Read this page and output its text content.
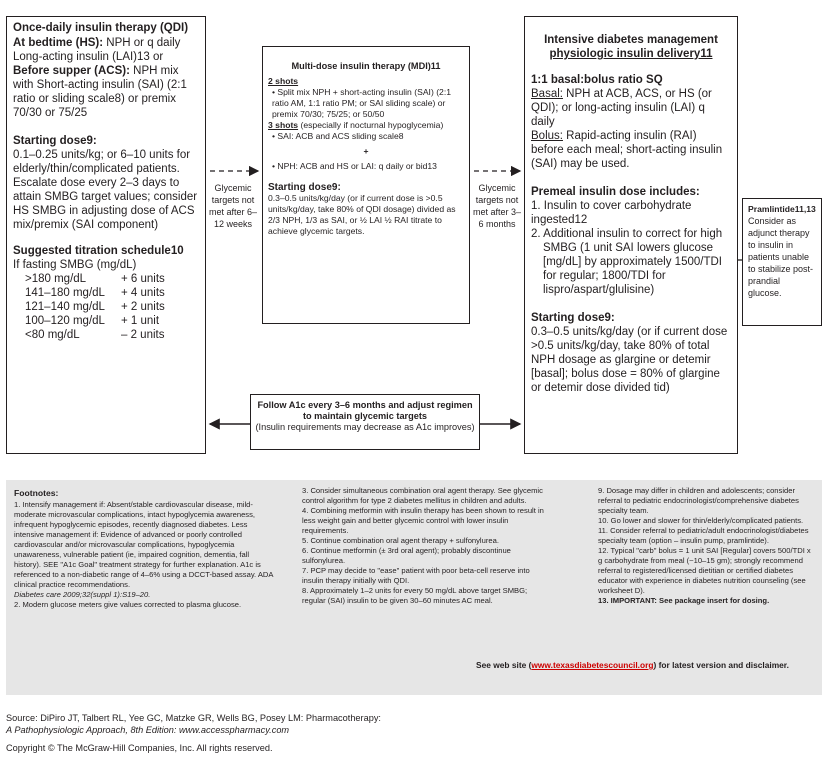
Once-daily insulin therapy (QDI)
At bedtime (HS): NPH or q daily Long-acting insulin (LAI)13 or
Before supper (ACS): NPH mix with Short-acting insulin (SAI) (2:1 ratio or sliding scale8) or premix 70/30 or 75/25
Starting dose9:
0.1–0.25 units/kg; or 6–10 units for elderly/thin/complicated patients.
Escalate dose every 2–3 days to attain SMBG target values; consider HS SMBG in adjusting dose of ACS mix/premix (SAI component)
Suggested titration schedule10
If fasting SMBG (mg/dL)
>180 mg/dL	+ 6 units
141–180 mg/dL	+ 4 units
121–140 mg/dL	+ 2 units
100–120 mg/dL	+ 1 unit
<80 mg/dL	– 2 units
Glycemic targets not met after 6–12 weeks
Multi-dose insulin therapy (MDI)11
2 shots
• Split mix NPH + short-acting insulin (SAI) (2:1 ratio AM, 1:1 ratio PM; or SAI sliding scale) or premix 70/30; 75/25; or 50/50
3 shots (especially if nocturnal hypoglycemia)
• SAI: ACB and ACS sliding scale8
+
• NPH: ACB and HS or LAI: q daily or bid13
Starting dose9:
0.3–0.5 units/kg/day (or if current dose is >0.5 units/kg/day, take 80% of QDI dosage) divided as 2/3 NPH, 1/3 as SAI, or ½ LAI ½ RAI titrate to achieve glycemic targets.
Glycemic targets not met after 3–6 months
Intensive diabetes management
physiologic insulin delivery11
1:1 basal:bolus ratio SQ
Basal: NPH at ACB, ACS, or HS (or QDI); or long-acting insulin (LAI) q daily
Bolus: Rapid-acting insulin (RAI) before each meal; short-acting insulin (SAI) may be used.
Premeal insulin dose includes:
1. Insulin to cover carbohydrate ingested12
2. Additional insulin to correct for high SMBG (1 unit SAI lowers glucose [mg/dL] by approximately 1500/TDI for regular; 1800/TDI for lispro/aspart/glulisine)
Starting dose9:
0.3–0.5 units/kg/day (or if current dose >0.5 units/kg/day, take 80% of total NPH dosage as glargine or detemir [basal]; bolus dose = 80% of glargine or detemir dose divided tid)
Pramlintide11,13
Consider as adjunct therapy to insulin in patients unable to stabilize post-prandial glucose.
Follow A1c every 3–6 months and adjust regimen to maintain glycemic targets
(Insulin requirements may decrease as A1c improves)
Footnotes:
1. Intensify management if: Absent/stable cardiovascular disease, mild-moderate microvascular complications, intact hypoglycemia awareness, infrequent hypoglycemic episodes, recently diagnosed diabetes. Less intensive management if: Evidence of advanced or poorly controlled cardiovascular and/or microvascular complications, hypoglycemia unawareness, vulnerable patient (ie, impaired cognition, dementia, fall history). SEE "A1c Goal" treatment strategy for further explanation. A1c is referenced to a non-diabetic range of 4–6% using a DCCT-based assay. ADA clinical practice recommendations.
Diabetes care 2009;32(suppl 1):S19–20.
2. Modern glucose meters give values corrected to plasma glucose.
3. Consider simultaneous combination oral agent therapy. See glycemic control algorithm for type 2 diabetes mellitus in children and adults.
4. Combining metformin with insulin therapy has been shown to result in less weight gain and better glycemic control with lower insulin requirements.
5. Continue combination oral agent therapy + sulfonylurea.
6. Continue metformin (± 3rd oral agent); probably discontinue sulfonylurea.
7. PCP may decide to "ease" patient with poor beta-cell reserve into insulin therapy initially with QDI.
8. Approximately 1–2 units for every 50 mg/dL above target SMBG; regular (SAI) insulin to be given 30–60 minutes AC meal.
9. Dosage may differ in children and adolescents; consider referral to pediatric endocrinologist/comprehensive diabetes specialty team.
10. Go lower and slower for thin/elderly/complicated patients.
11. Consider referral to pediatric/adult endocrinologist/diabetes specialty team (option – insulin pump, pramlintide).
12. Typical "carb" bolus = 1 unit SAI [Regular] covers 500/TDI x g carbohydrate from meal (~10–15 gm); strongly recommend referral to registered/licensed dietitian or certified diabetes educator with experience in diabetes nutrition counseling (see worksheet D).
13. IMPORTANT: See package insert for dosing.
See web site (www.texasdiabetescouncil.org) for latest version and disclaimer.
Source: DiPiro JT, Talbert RL, Yee GC, Matzke GR, Wells BG, Posey LM: Pharmacotherapy:
A Pathophysiologic Approach, 8th Edition: www.accesspharmacy.com
Copyright © The McGraw-Hill Companies, Inc. All rights reserved.
